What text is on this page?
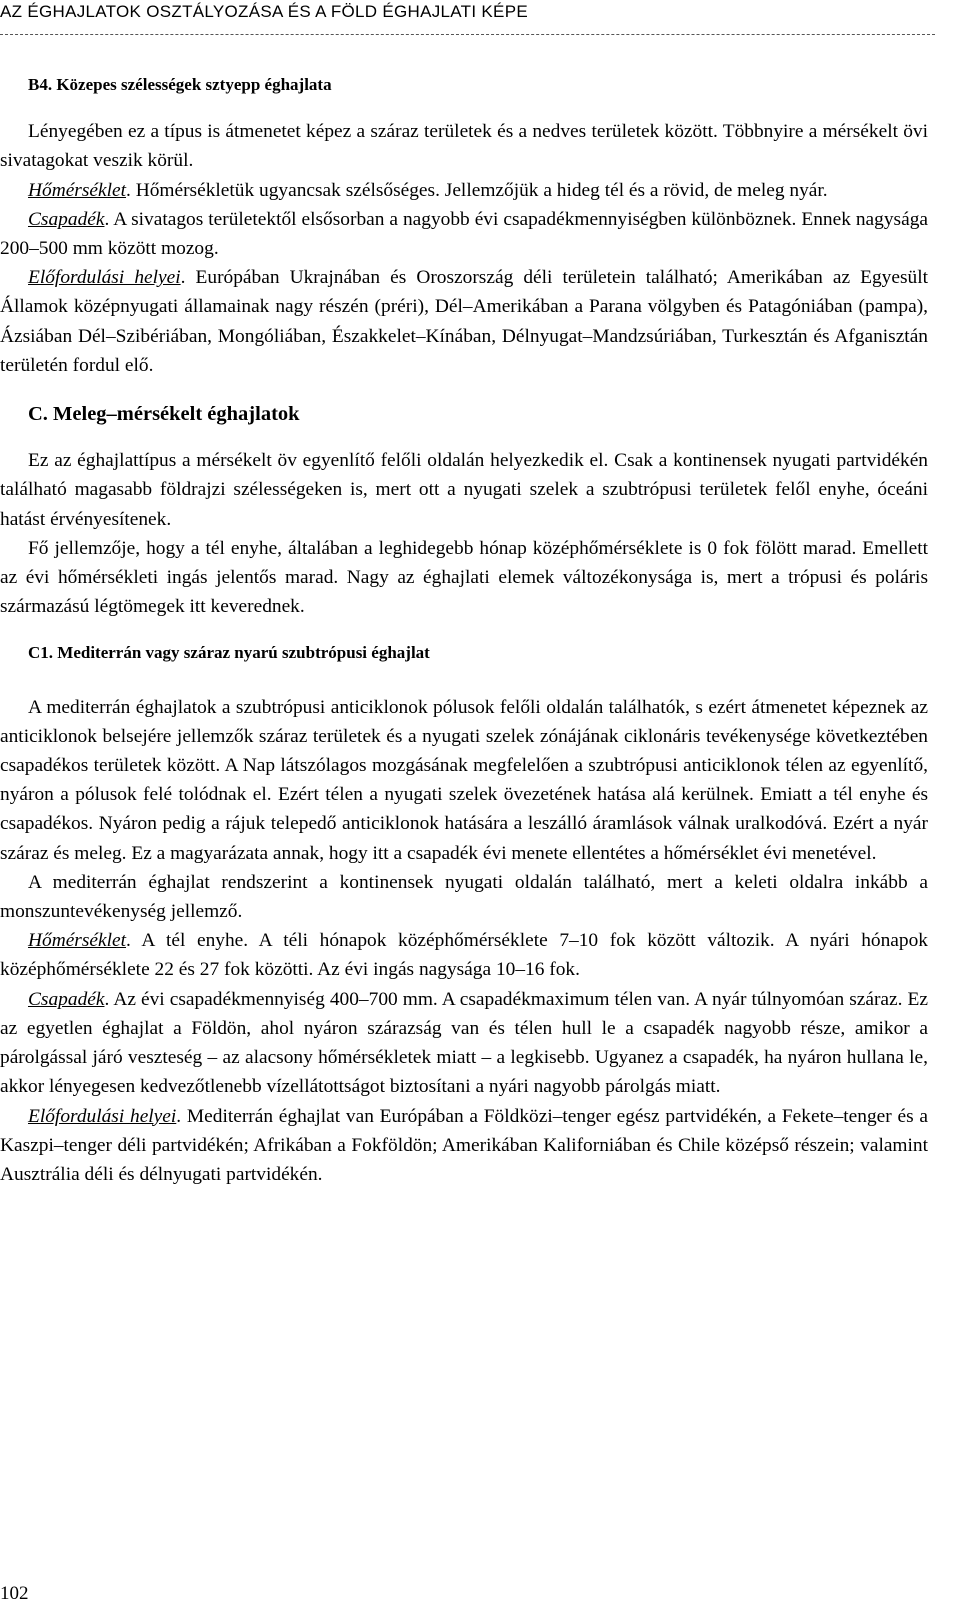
AZ ÉGHAJLATOK OSZTÁLYOZÁSA ÉS A FÖLD ÉGHAJLATI KÉPE

B4. Közepes szélességek sztyepp éghajlata

Lényegében ez a típus is átmenetet képez a száraz területek és a nedves területek között. Többnyire a mérsékelt övi sivatagokat veszik körül.

Hőmérséklet. Hőmérsékletük ugyancsak szélsőséges. Jellemzőjük a hideg tél és a rövid, de meleg nyár.

Csapadék. A sivatagos területektől elsősorban a nagyobb évi csapadékmennyiségben különböznek. Ennek nagysága 200–500 mm között mozog.

Előfordulási helyei. Európában Ukrajnában és Oroszország déli területein található; Amerikában az Egyesült Államok középnyugati államainak nagy részén (préri), Dél–Amerikában a Parana völgyben és Patagóniában (pampa), Ázsiában Dél–Szibériában, Mongóliában, Északkelet–Kínában, Délnyugat–Mandzsúriában, Turkesztán és Afganisztán területén fordul elő.

C. Meleg–mérsékelt éghajlatok

Ez az éghajlattípus a mérsékelt öv egyenlítő felőli oldalán helyezkedik el. Csak a kontinensek nyugati partvidékén található magasabb földrajzi szélességeken is, mert ott a nyugati szelek a szubtrópusi területek felől enyhe, óceáni hatást érvényesítenek.

Fő jellemzője, hogy a tél enyhe, általában a leghidegebb hónap középhőmérséklete is 0 fok fölött marad. Emellett az évi hőmérsékleti ingás jelentős marad. Nagy az éghajlati elemek változékonysága is, mert a trópusi és poláris származású légtömegek itt keverednek.

C1. Mediterrán vagy száraz nyarú szubtrópusi éghajlat

A mediterrán éghajlatok a szubtrópusi anticiklonok pólusok felőli oldalán találhatók, s ezért átmenetet képeznek az anticiklonok belsejére jellemzők száraz területek és a nyugati szelek zónájának ciklonáris tevékenysége következtében csapadékos területek között. A Nap látszólagos mozgásának megfelelően a szubtrópusi anticiklonok télen az egyenlítő, nyáron a pólusok felé tolódnak el. Ezért télen a nyugati szelek övezetének hatása alá kerülnek. Emiatt a tél enyhe és csapadékos. Nyáron pedig a rájuk telepedő anticiklonok hatására a leszálló áramlások válnak uralkodóvá. Ezért a nyár száraz és meleg. Ez a magyarázata annak, hogy itt a csapadék évi menete ellentétes a hőmérséklet évi menetével.

A mediterrán éghajlat rendszerint a kontinensek nyugati oldalán található, mert a keleti oldalra inkább a monszuntevékenység jellemző.

Hőmérséklet. A tél enyhe. A téli hónapok középhőmérséklete 7–10 fok között változik. A nyári hónapok középhőmérséklete 22 és 27 fok közötti. Az évi ingás nagysága 10–16 fok.

Csapadék. Az évi csapadékmennyiség 400–700 mm. A csapadékmaximum télen van. A nyár túlnyomóan száraz. Ez az egyetlen éghajlat a Földön, ahol nyáron szárazság van és télen hull le a csapadék nagyobb része, amikor a párolgással járó veszteség – az alacsony hőmérsékletek miatt – a legkisebb. Ugyanez a csapadék, ha nyáron hullana le, akkor lényegesen kedvezőtlenebb vízellátottságot biztosítani a nyári nagyobb párolgás miatt.

Előfordulási helyei. Mediterrán éghajlat van Európában a Földközi–tenger egész partvidékén, a Fekete–tenger és a Kaszpi–tenger déli partvidékén; Afrikában a Fokföldön; Amerikában Kaliforniában és Chile középső részein; valamint Ausztrália déli és délnyugati partvidékén.

102
